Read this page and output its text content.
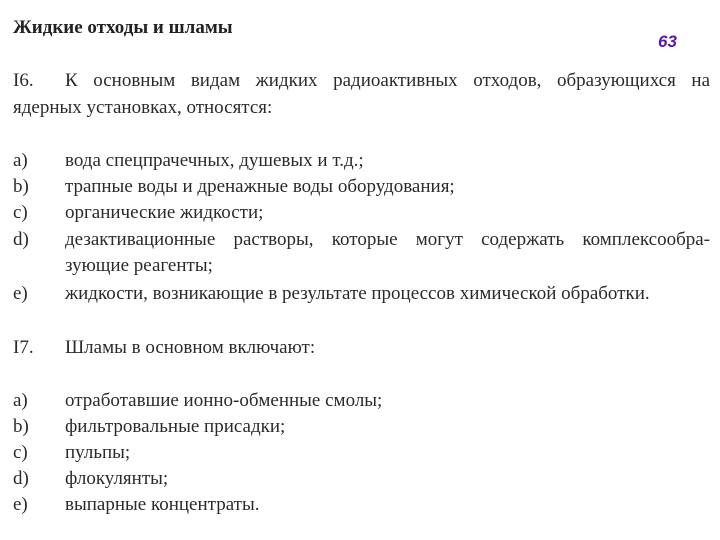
Жидкие отходы и шламы
63
I6. К основным видам жидких радиоактивных отходов, образующихся на
ядерных установках, относятся:
a) вода спецпрачечных, душевых и т.д.;
b) трапные воды и дренажные воды оборудования;
c) органические жидкости;
d) дезактивационные растворы, которые могут содержать комплексообра-
зующие реагенты;
e) жидкости, возникающие в результате процессов химической обработки.
I7. Шламы в основном включают:
a) отработавшие ионно-обменные смолы;
b) фильтровальные присадки;
c) пульпы;
d) флокулянты;
e) выпарные концентраты.
